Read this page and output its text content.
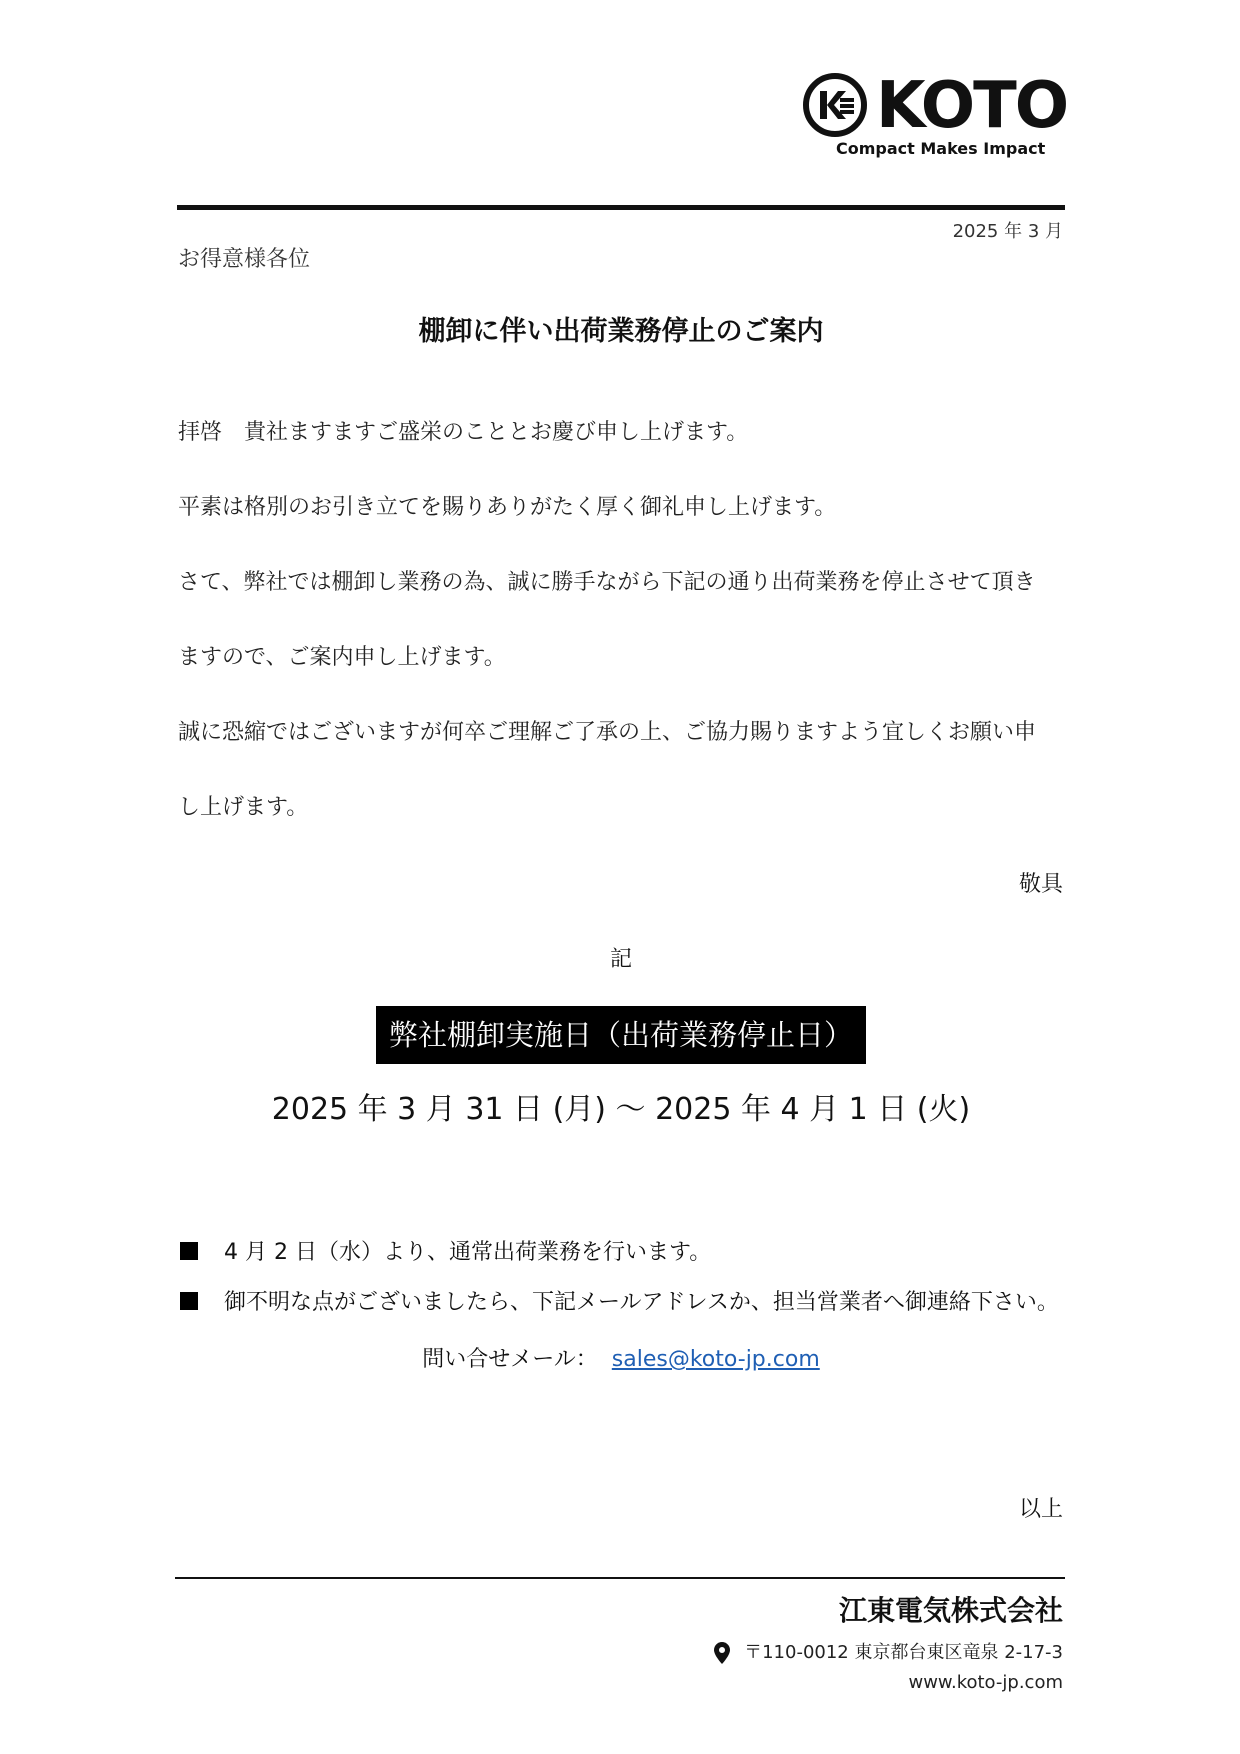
K KOTO
Compact Makes Impact
2025 年 3 月
お得意様各位
棚卸に伴い出荷業務停止のご案内
拝啓　貴社ますますご盛栄のこととお慶び申し上げます。
平素は格別のお引き立てを賜りありがたく厚く御礼申し上げます。
さて、弊社では棚卸し業務の為、誠に勝手ながら下記の通り出荷業務を停止させて頂き
ますので、ご案内申し上げます。
誠に恐縮ではございますが何卒ご理解ご了承の上、ご協力賜りますよう宜しくお願い申
し上げます。
敬具
記
弊社棚卸実施日（出荷業務停止日）
2025 年 3 月 31 日 (月) 〜 2025 年 4 月 1 日 (火)
4 月 2 日（水）より、通常出荷業務を行います。
御不明な点がございましたら、下記メールアドレスか、担当営業者へ御連絡下さい。
問い合せメール： sales@koto-jp.com
以上
江東電気株式会社
〒110-0012 東京都台東区竜泉 2-17-3
www.koto-jp.com
